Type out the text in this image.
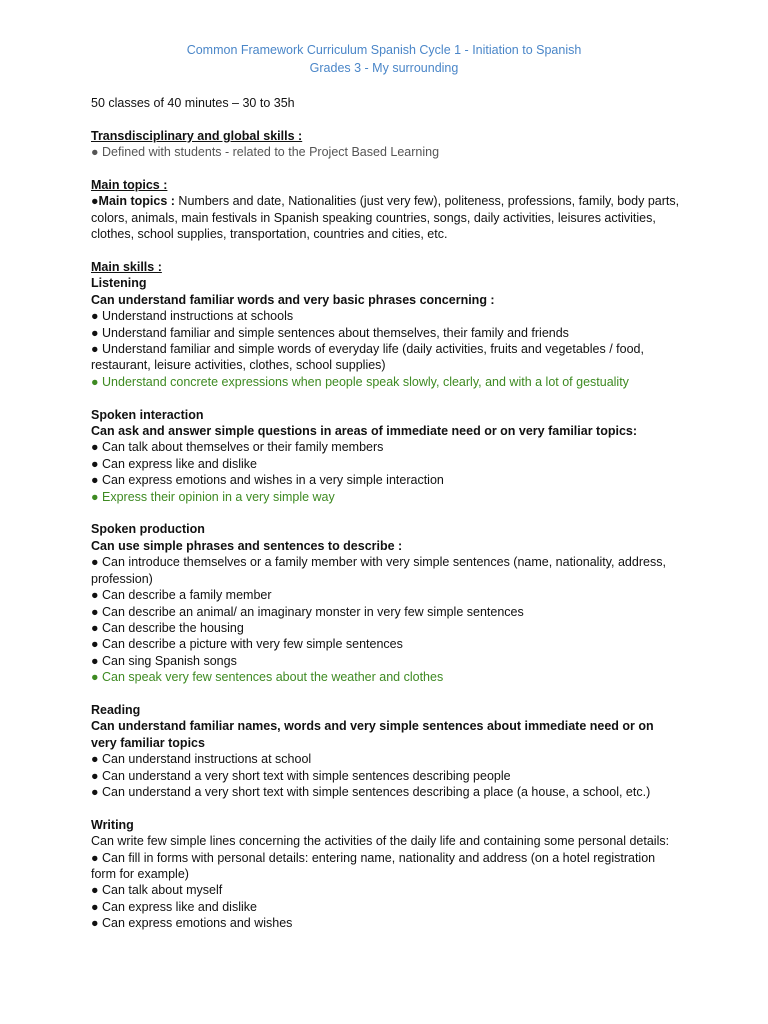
Common Framework Curriculum Spanish Cycle 1 - Initiation to Spanish
Grades 3 - My surrounding

50 classes of 40 minutes – 30 to 35h

Transdisciplinary and global skills :

● Defined with students - related to the Project Based Learning

Main topics :

●Main topics : Numbers and date, Nationalities (just very few), politeness, professions, family, body parts, colors, animals, main festivals in Spanish speaking countries, songs, daily activities, leisures activities, clothes, school supplies, transportation, countries and cities, etc.

Main skills :

Listening

Can understand familiar words and very basic phrases concerning :

● Understand instructions at schools

● Understand familiar and simple sentences about themselves, their family and friends

● Understand familiar and simple words of everyday life (daily activities, fruits and vegetables / food, restaurant, leisure activities, clothes, school supplies)

● Understand concrete expressions when people speak slowly, clearly, and with a lot of gestuality

Spoken interaction

Can ask and answer simple questions in areas of immediate need or on very familiar topics:

● Can talk about themselves or their family members

● Can express like and dislike

● Can express emotions and wishes in a very simple interaction

● Express their opinion in a very simple way

Spoken production

Can use simple phrases and sentences to describe :

● Can introduce themselves or a family member with very simple sentences (name, nationality, address, profession)

● Can describe a family member

● Can describe an animal/ an imaginary monster in very few simple sentences

● Can describe the housing

● Can describe a picture with very few simple sentences

● Can sing Spanish songs

● Can speak very few sentences about the weather and clothes

Reading

Can understand familiar names, words and very simple sentences about immediate need or on very familiar topics

● Can understand instructions at school

● Can understand a very short text with simple sentences describing people

● Can understand a very short text with simple sentences describing a place (a house, a school, etc.)

Writing

Can write few simple lines concerning the activities of the daily life and containing some personal details:

● Can fill in forms with personal details: entering name, nationality and address (on a hotel registration form for example)

● Can talk about myself

● Can express like and dislike

● Can express emotions and wishes
